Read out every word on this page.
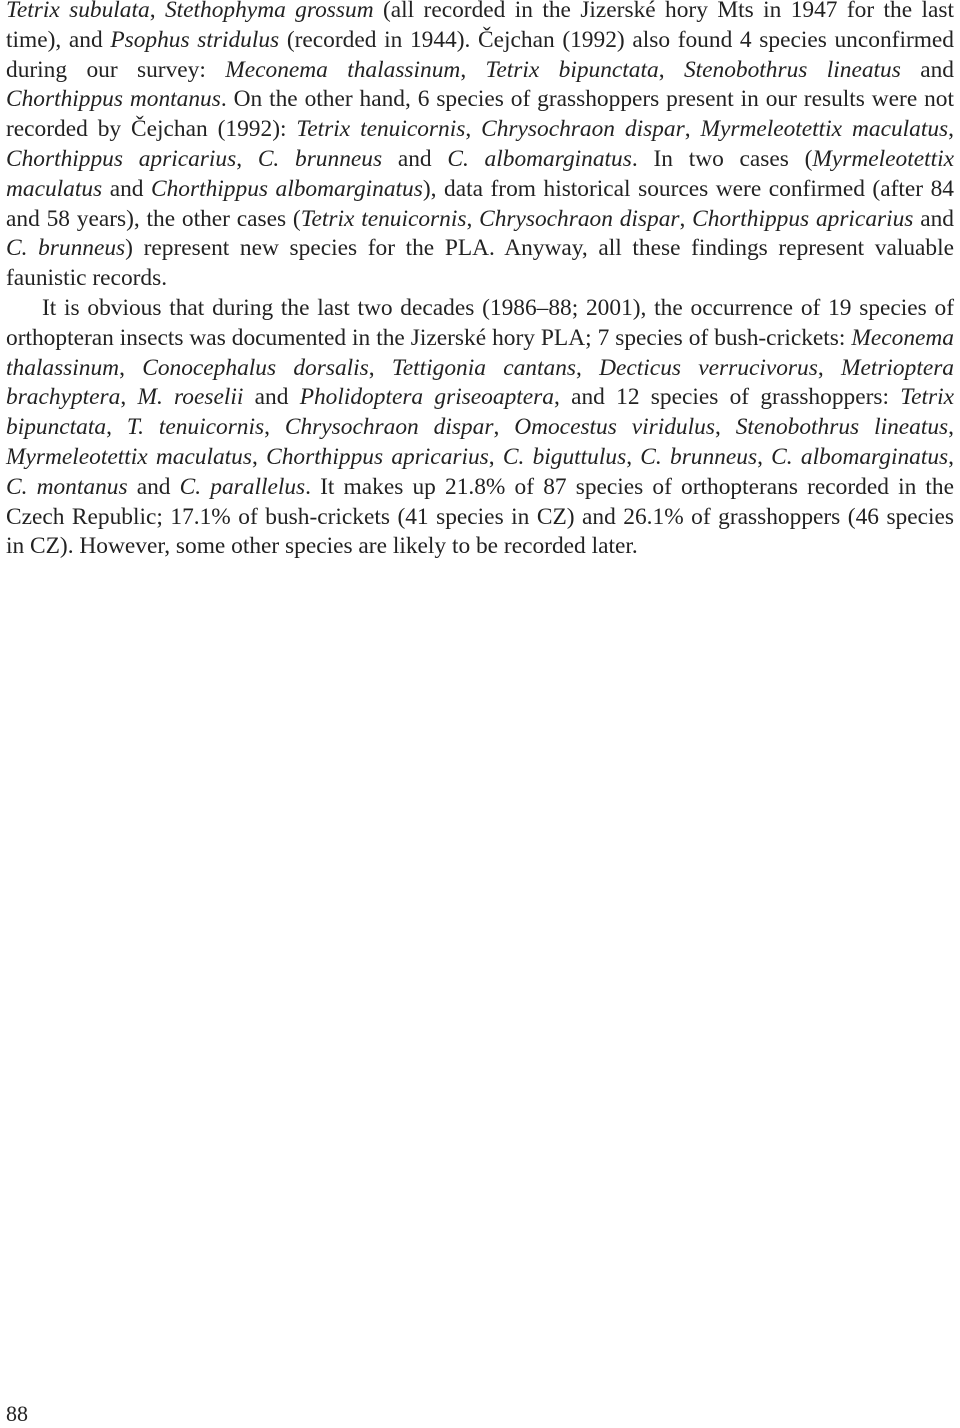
Tetrix subulata, Stethophyma grossum (all recorded in the Jizerské hory Mts in 1947 for the last time), and Psophus stridulus (recorded in 1944). Čejchan (1992) also found 4 species unconfirmed during our survey: Meconema thalassinum, Tetrix bipunctata, Stenobothrus lineatus and Chorthippus montanus. On the other hand, 6 species of grasshoppers present in our results were not recorded by Čejchan (1992): Tetrix tenuicornis, Chrysochraon dispar, Myrmeleotettix maculatus, Chorthippus apricarius, C. brunneus and C. albomarginatus. In two cases (Myrmeleotettix maculatus and Chorthippus albomarginatus), data from historical sources were confirmed (after 84 and 58 years), the other cases (Tetrix tenuicornis, Chrysochraon dispar, Chorthippus apricarius and C. brunneus) represent new species for the PLA. Anyway, all these findings represent valuable faunistic records.

It is obvious that during the last two decades (1986–88; 2001), the occurrence of 19 species of orthopteran insects was documented in the Jizerské hory PLA; 7 species of bush-crickets: Meconema thalassinum, Conocephalus dorsalis, Tettigonia cantans, Decticus verrucivorus, Metrioptera brachyptera, M. roeselii and Pholidoptera griseoaptera, and 12 species of grasshoppers: Tetrix bipunctata, T. tenuicornis, Chrysochraon dispar, Omocestus viridulus, Stenobothrus lineatus, Myrmeleotettix maculatus, Chorthippus apricarius, C. biguttulus, C. brunneus, C. albomarginatus, C. montanus and C. parallelus. It makes up 21.8% of 87 species of orthopterans recorded in the Czech Republic; 17.1% of bush-crickets (41 species in CZ) and 26.1% of grasshoppers (46 species in CZ). However, some other species are likely to be recorded later.

88
